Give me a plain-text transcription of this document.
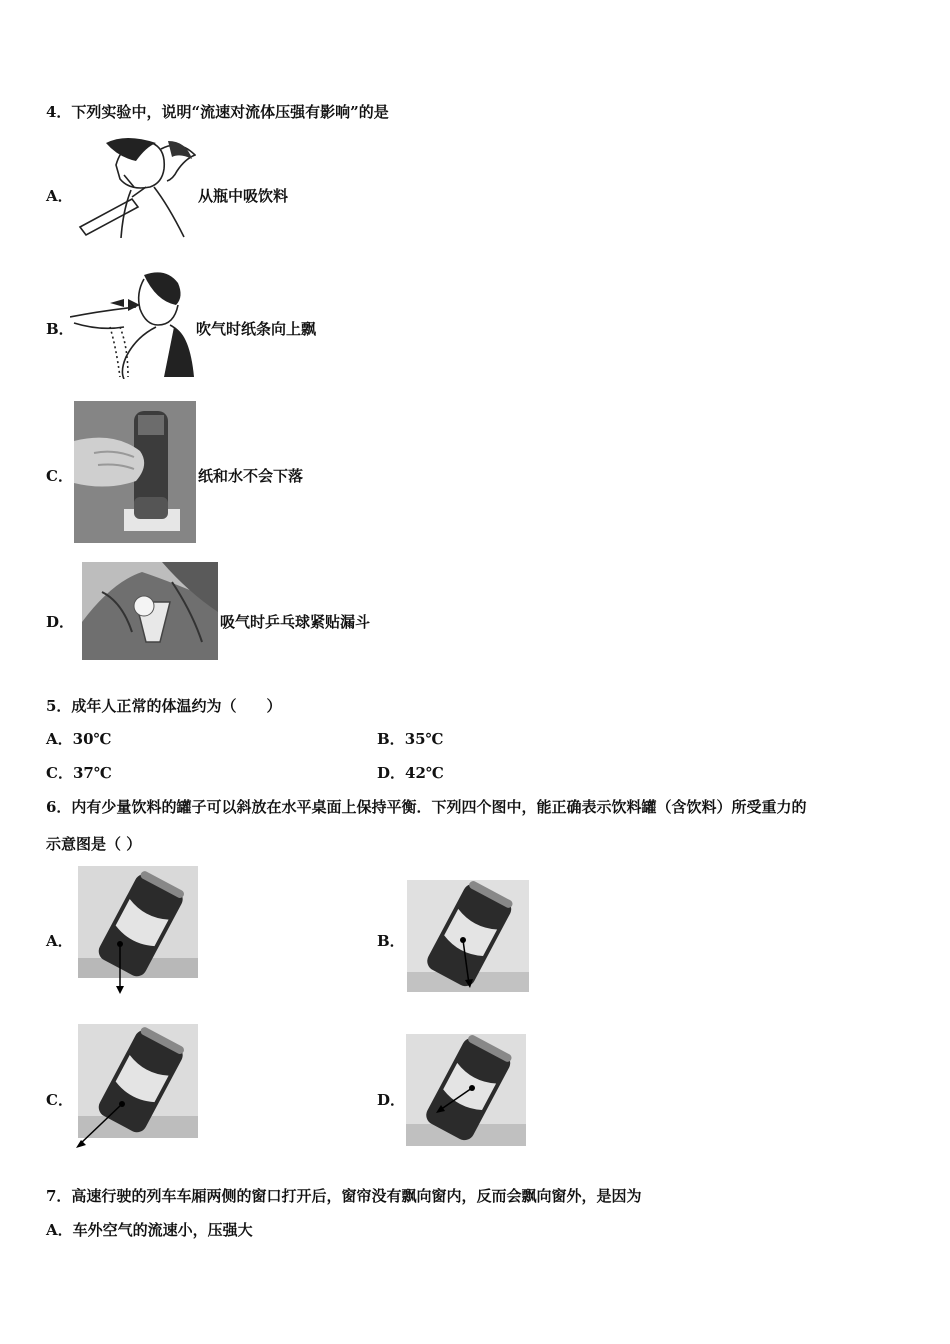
4．下列实验中，说明“流速对流体压强有影响”的是
A．	从瓶中吸饮料
B．	吹气时纸条向上飘
C．	纸和水不会下落
D．	吸气时乒乓球紧贴漏斗
5．成年人正常的体温约为（　　）
A．30℃	B．35℃
C．37℃	D．42℃
6．内有少量饮料的罐子可以斜放在水平桌面上保持平衡．下列四个图中，能正确表示饮料罐（含饮料）所受重力的
示意图是（ ）
A．	B．
C．	D．
7．高速行驶的列车车厢两侧的窗口打开后，窗帘没有飘向窗内，反而会飘向窗外，是因为
A．车外空气的流速小，压强大
